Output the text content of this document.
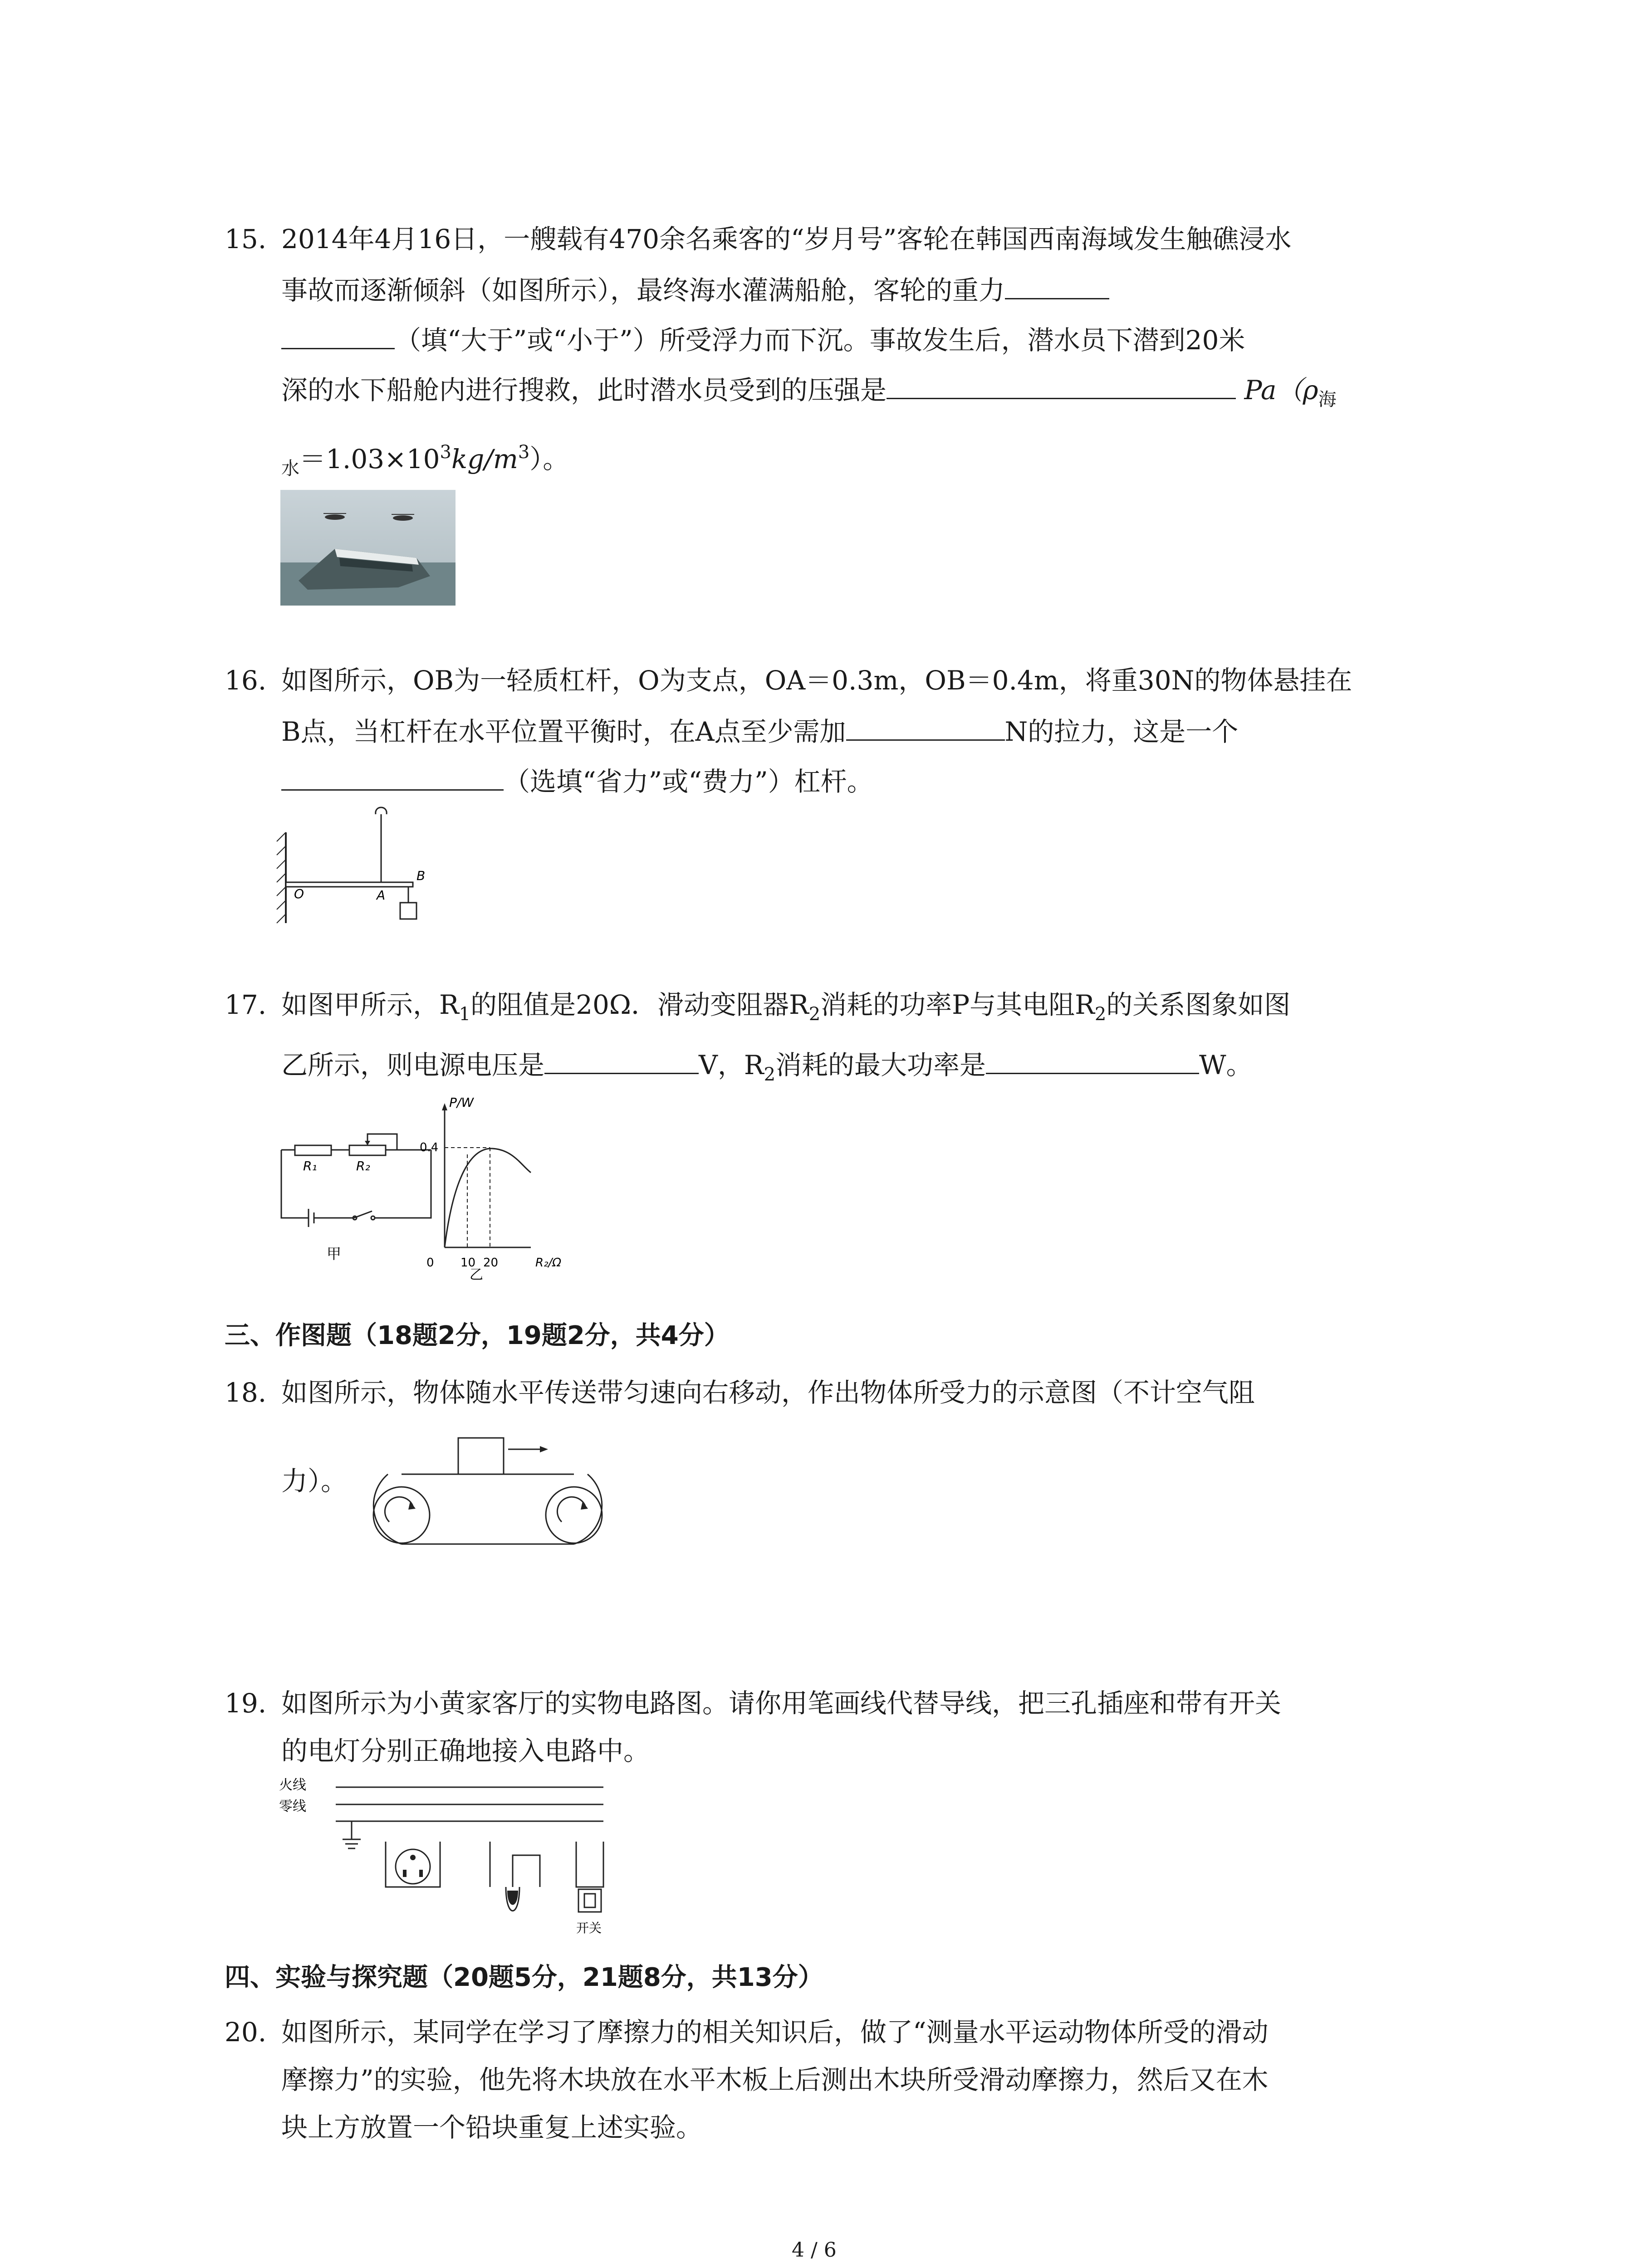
15. 2014年4月16日，一艘载有470余名乘客的“岁月号”客轮在韩国西南海域发生触礁浸水
事故而逐渐倾斜（如图所示），最终海水灌满船舱，客轮的重力
（填“大于”或“小于”）所受浮力而下沉。事故发生后，潜水员下潜到20米
深的水下船舱内进行搜救，此时潜水员受到的压强是	$Pa(\rho_海$
$_水=1.03\times 10^3kg/m^3$）。
16. 如图所示，OB为一轻质杠杆，O为支点，OA＝0.3m，OB＝0.4m，将重30N的物体悬挂在
B点，当杠杆在水平位置平衡时，在A点至少需加	N的拉力，这是一个
（选填“省力”或“费力”）杠杆。
O	A
B
17. 如图甲所示，$R_1$的阻值是20Ω．滑动变阻器$R_2$消耗的功率P与其电阻$R_2$的关系图象如图
乙所示，则电源电压是	V，$R_2$消耗的最大功率是	W。
R₁	R₂
甲
P/W
0.4
0 10 20	R₂/Ω
乙
三、作图题（18题2分，19题2分，共4分）
18. 如图所示，物体随水平传送带匀速向右移动，作出物体所受力的示意图（不计空气阻
力）。
19. 如图所示为小黄家客厅的实物电路图。请你用笔画线代替导线，把三孔插座和带有开关
的电灯分别正确地接入电路中。
火线
零线
开关
四、实验与探究题（20题5分，21题8分，共13分）
20. 如图所示，某同学在学习了摩擦力的相关知识后，做了“测量水平运动物体所受的滑动
摩擦力”的实验，他先将木块放在水平木板上后测出木块所受滑动摩擦力，然后又在木
块上方放置一个铅块重复上述实验。
4 / 6
